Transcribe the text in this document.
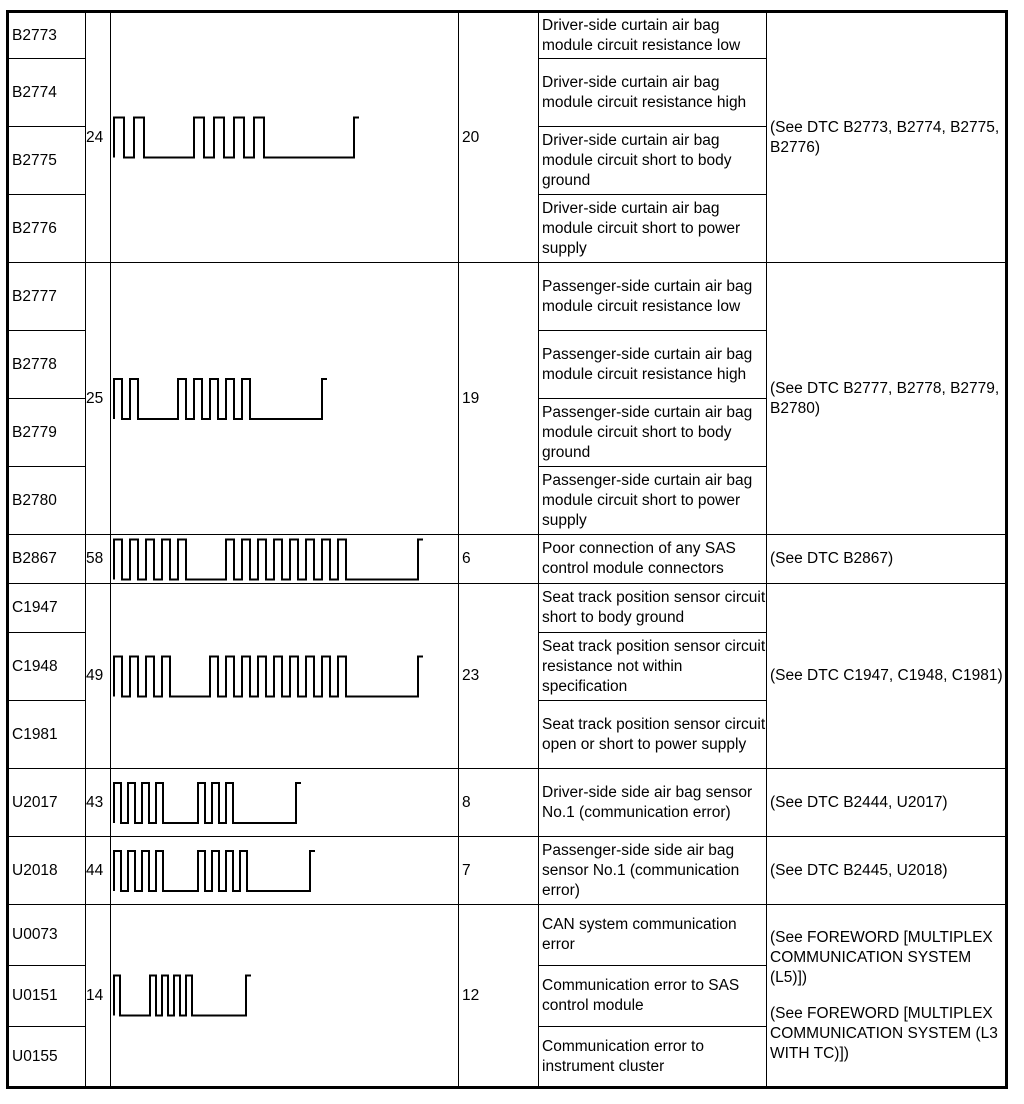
B2773	24		20	Driver-side curtain air bag module circuit resistance low	(See DTC B2773, B2774, B2775, B2776)

B2774				Driver-side curtain air bag module circuit resistance high	
B2775				Driver-side curtain air bag module circuit short to body ground	
B2776				Driver-side curtain air bag module circuit short to power supply	
B2777	25		19	Passenger-side curtain air bag module circuit resistance low	(See DTC B2777, B2778, B2779, B2780)

B2778				Passenger-side curtain air bag module circuit resistance high	
B2779				Passenger-side curtain air bag module circuit short to body ground	
B2780				Passenger-side curtain air bag module circuit short to power supply	
B2867	58		6	Poor connection of any SAS control module connectors	(See DTC B2867)

C1947	49		23	Seat track position sensor circuit short to body ground	(See DTC C1947, C1948, C1981)

C1948				Seat track position sensor circuit resistance not within specification	
C1981				Seat track position sensor circuit open or short to power supply	
U2017	43		8	Driver-side side air bag sensor No.1 (communication error)	(See DTC B2444, U2017)

U2018	44		7	Passenger-side side air bag sensor No.1 (communication error)	(See DTC B2445, U2018)

U0073	14		12	CAN system communication error	(See FOREWORD [MULTIPLEX COMMUNICATION SYSTEM (L5)])
(See FOREWORD [MULTIPLEX COMMUNICATION SYSTEM (L3 WITH TC)])

U0151				Communication error to SAS control module	
U0155				Communication error to instrument cluster	
